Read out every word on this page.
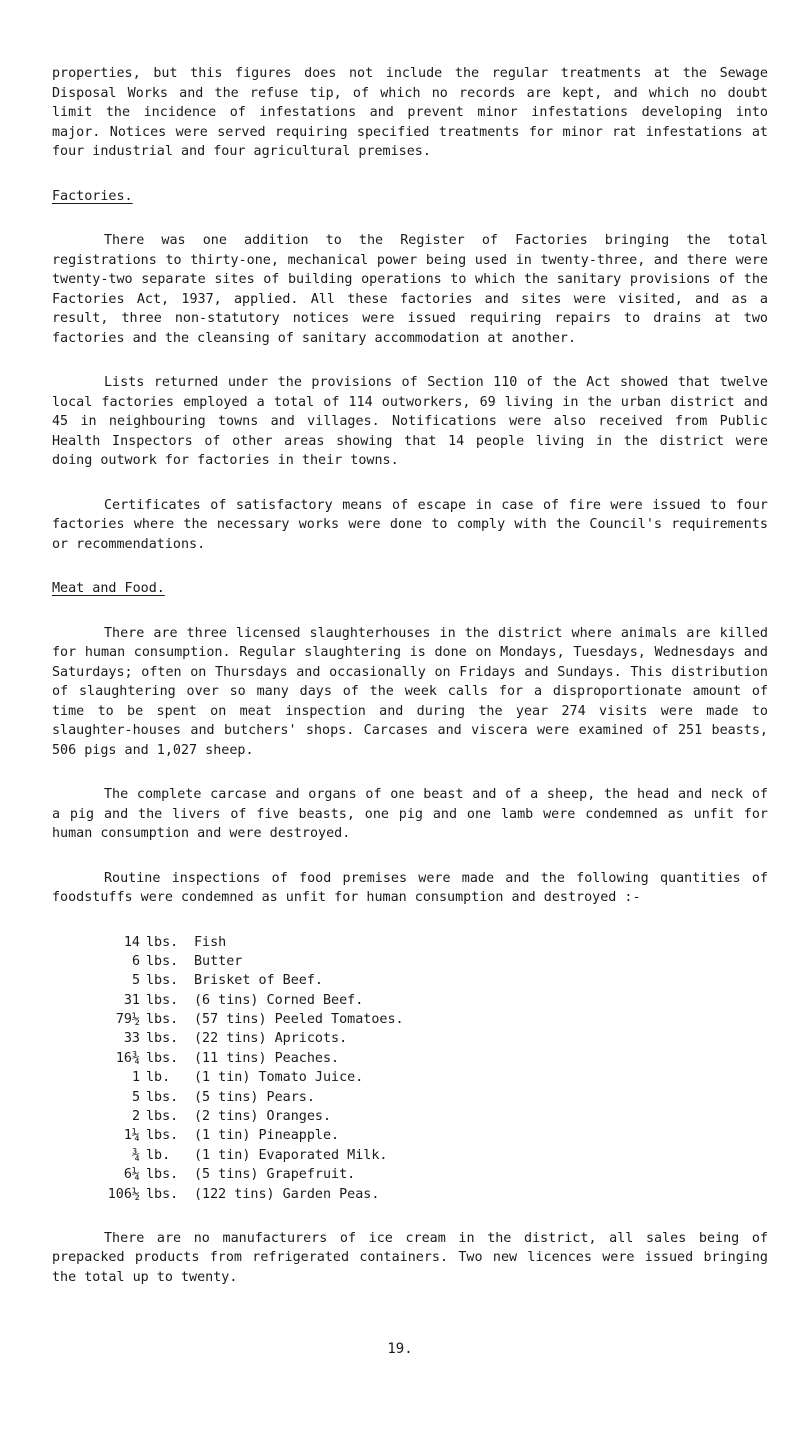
properties, but this figures does not include the regular treatments at the Sewage Disposal Works and the refuse tip, of which no records are kept, and which no doubt limit the incidence of infestations and prevent minor infestations developing into major. Notices were served requiring specified treatments for minor rat infestations at four industrial and four agricultural premises.

Factories.

There was one addition to the Register of Factories bringing the total registrations to thirty-one, mechanical power being used in twenty-three, and there were twenty-two separate sites of building operations to which the sanitary provisions of the Factories Act, 1937, applied. All these factories and sites were visited, and as a result, three non-statutory notices were issued requiring repairs to drains at two factories and the cleansing of sanitary accommodation at another.

Lists returned under the provisions of Section 110 of the Act showed that twelve local factories employed a total of 114 outworkers, 69 living in the urban district and 45 in neighbouring towns and villages. Notifications were also received from Public Health Inspectors of other areas showing that 14 people living in the district were doing outwork for factories in their towns.

Certificates of satisfactory means of escape in case of fire were issued to four factories where the necessary works were done to comply with the Council's requirements or recommendations.

Meat and Food.

There are three licensed slaughterhouses in the district where animals are killed for human consumption. Regular slaughtering is done on Mondays, Tuesdays, Wednesdays and Saturdays; often on Thursdays and occasionally on Fridays and Sundays. This distribution of slaughtering over so many days of the week calls for a disproportionate amount of time to be spent on meat inspection and during the year 274 visits were made to slaughter-houses and butchers' shops. Carcases and viscera were examined of 251 beasts, 506 pigs and 1,027 sheep.

The complete carcase and organs of one beast and of a sheep, the head and neck of a pig and the livers of five beasts, one pig and one lamb were condemned as unfit for human consumption and were destroyed.

Routine inspections of food premises were made and the following quantities of foodstuffs were condemned as unfit for human consumption and destroyed :-

14 lbs.	Fish
6 lbs.	Butter
5 lbs.	Brisket of Beef.
31 lbs.	(6 tins) Corned Beef.
79½ lbs.	(57 tins) Peeled Tomatoes.
33 lbs.	(22 tins) Apricots.
16¾ lbs.	(11 tins) Peaches.
1 lb.	(1 tin) Tomato Juice.
5 lbs.	(5 tins) Pears.
2 lbs.	(2 tins) Oranges.
1¼ lbs.	(1 tin) Pineapple.
¾ lb.	(1 tin) Evaporated Milk.
6¼ lbs.	(5 tins) Grapefruit.
106½ lbs.	(122 tins) Garden Peas.

There are no manufacturers of ice cream in the district, all sales being of prepacked products from refrigerated containers. Two new licences were issued bringing the total up to twenty.

19.
